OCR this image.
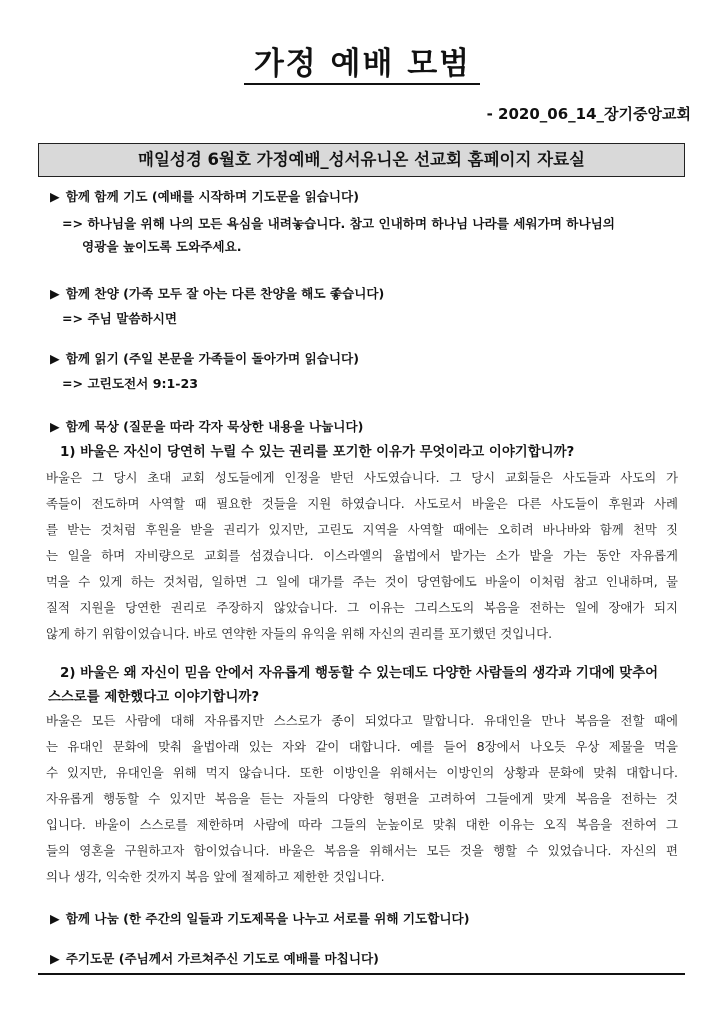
가정 예배 모범
- 2020_06_14_장기중앙교회
매일성경 6월호 가정예배_성서유니온 선교회 홈페이지 자료실
▶ 함께 함께 기도 (예배를 시작하며 기도문을 읽습니다)
=> 하나님을 위해 나의 모든 욕심을 내려놓습니다. 참고 인내하며 하나님 나라를 세워가며 하나님의
영광을 높이도록 도와주세요.
▶ 함께 찬양 (가족 모두 잘 아는 다른 찬양을 해도 좋습니다)
=> 주님 말씀하시면
▶ 함께 읽기 (주일 본문을 가족들이 돌아가며 읽습니다)
=> 고린도전서 9:1-23
▶ 함께 묵상 (질문을 따라 각자 묵상한 내용을 나눕니다)
1) 바울은 자신이 당연히 누릴 수 있는 권리를 포기한 이유가 무엇이라고 이야기합니까?
바울은 그 당시 초대 교회 성도들에게 인정을 받던 사도였습니다. 그 당시 교회들은 사도들과 사도의 가
족들이 전도하며 사역할 때 필요한 것들을 지원 하였습니다. 사도로서 바울은 다른 사도들이 후원과 사례
를 받는 것처럼 후원을 받을 권리가 있지만, 고린도 지역을 사역할 때에는 오히려 바나바와 함께 천막 짓
는 일을 하며 자비량으로 교회를 섬겼습니다. 이스라엘의 율법에서 밭가는 소가 밭을 가는 동안 자유롭게
먹을 수 있게 하는 것처럼, 일하면 그 일에 대가를 주는 것이 당연함에도 바울이 이처럼 참고 인내하며, 물
질적 지원을 당연한 권리로 주장하지 않았습니다. 그 이유는 그리스도의 복음을 전하는 일에 장애가 되지
않게 하기 위함이었습니다. 바로 연약한 자들의 유익을 위해 자신의 권리를 포기했던 것입니다.
2) 바울은 왜 자신이 믿음 안에서 자유롭게 행동할 수 있는데도 다양한 사람들의 생각과 기대에 맞추어
스스로를 제한했다고 이야기합니까?
바울은 모든 사람에 대해 자유롭지만 스스로가 종이 되었다고 말합니다. 유대인을 만나 복음을 전할 때에
는 유대인 문화에 맞춰 율법아래 있는 자와 같이 대합니다. 예를 들어 8장에서 나오듯 우상 제물을 먹을
수 있지만, 유대인을 위해 먹지 않습니다. 또한 이방인을 위해서는 이방인의 상황과 문화에 맞춰 대합니다.
자유롭게 행동할 수 있지만 복음을 듣는 자들의 다양한 형편을 고려하여 그들에게 맞게 복음을 전하는 것
입니다. 바울이 스스로를 제한하며 사람에 따라 그들의 눈높이로 맞춰 대한 이유는 오직 복음을 전하여 그
들의 영혼을 구원하고자 함이었습니다. 바울은 복음을 위해서는 모든 것을 행할 수 있었습니다. 자신의 편
의나 생각, 익숙한 것까지 복음 앞에 절제하고 제한한 것입니다.
▶ 함께 나눔 (한 주간의 일들과 기도제목을 나누고 서로를 위해 기도합니다)
▶ 주기도문 (주님께서 가르쳐주신 기도로 예배를 마칩니다)
